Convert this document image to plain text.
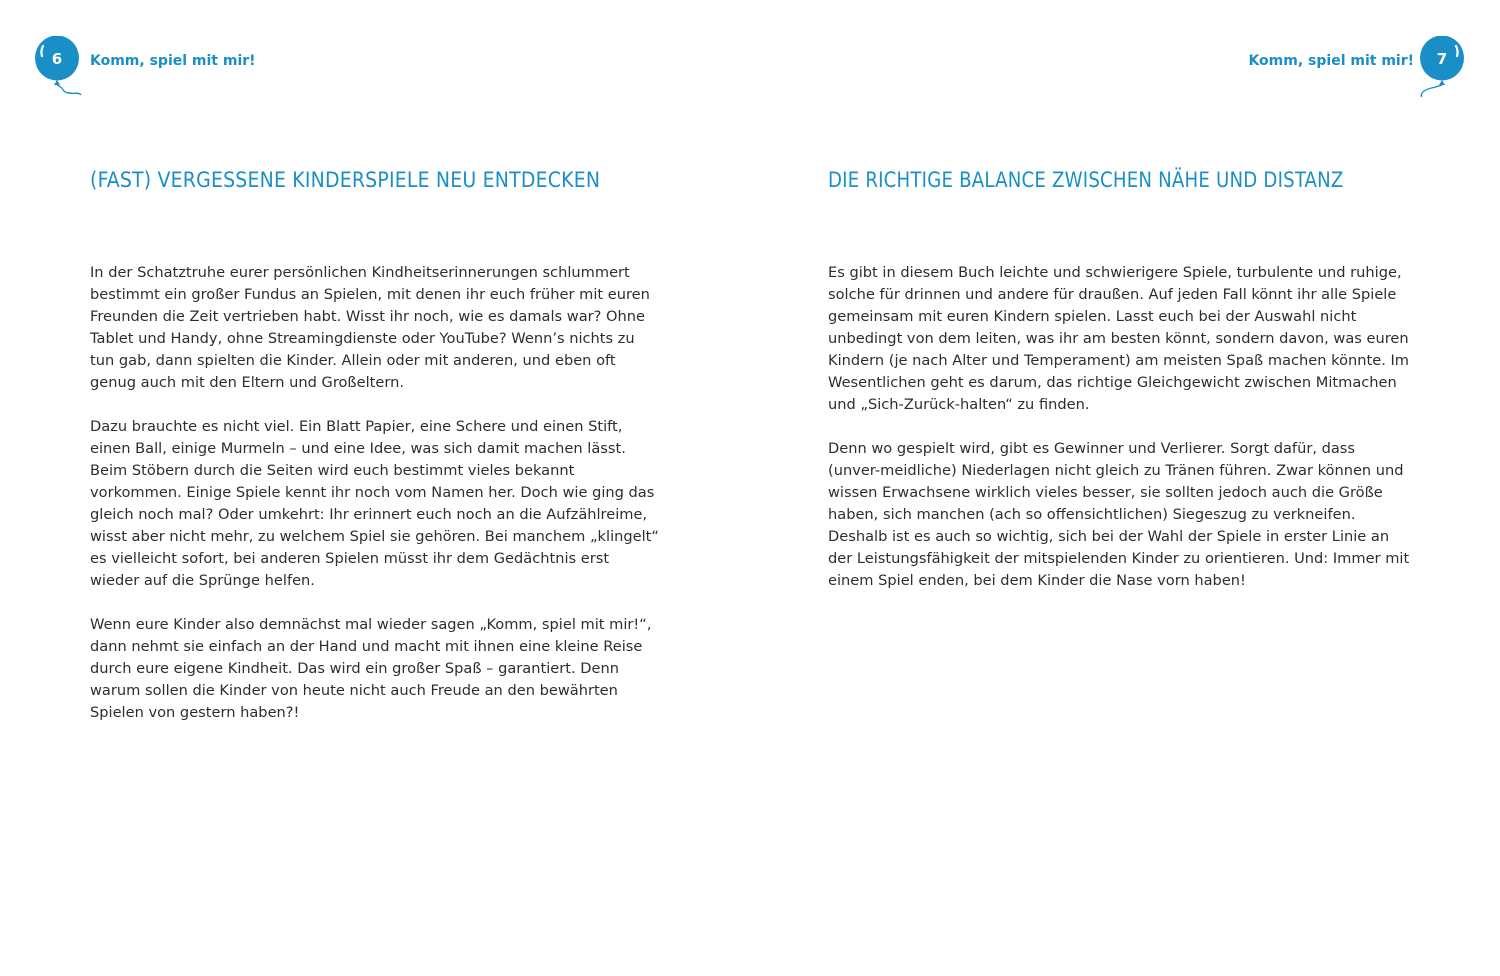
6	Komm, spiel mit mir!
(FAST) VERGESSENE KINDERSPIELE NEU ENTDECKEN

In der Schatztruhe eurer persönlichen Kindheitserinnerungen schlummert bestimmt ein großer Fundus an Spielen, mit denen ihr euch früher mit euren Freunden die Zeit vertrieben habt. Wisst ihr noch, wie es damals war? Ohne Tablet und Handy, ohne Streamingdienste oder YouTube? Wenn’s nichts zu tun gab, dann spielten die Kinder. Allein oder mit anderen, und eben oft genug auch mit den Eltern und Großeltern.

Dazu brauchte es nicht viel. Ein Blatt Papier, eine Schere und einen Stift, einen Ball, einige Murmeln – und eine Idee, was sich damit machen lässt. Beim Stöbern durch die Seiten wird euch bestimmt vieles bekannt vorkommen. Einige Spiele kennt ihr noch vom Namen her. Doch wie ging das gleich noch mal? Oder umkehrt: Ihr erinnert euch noch an die Aufzählreime, wisst aber nicht mehr, zu welchem Spiel sie gehören. Bei manchem „klingelt“ es vielleicht sofort, bei anderen Spielen müsst ihr dem Gedächtnis erst wieder auf die Sprünge helfen.

Wenn eure Kinder also demnächst mal wieder sagen „Komm, spiel mit mir!“, dann nehmt sie einfach an der Hand und macht mit ihnen eine kleine Reise durch eure eigene Kindheit. Das wird ein großer Spaß – garantiert. Denn warum sollen die Kinder von heute nicht auch Freude an den bewährten Spielen von gestern haben?!

Komm, spiel mit mir!	7
DIE RICHTIGE BALANCE ZWISCHEN NÄHE UND DISTANZ

Es gibt in diesem Buch leichte und schwierigere Spiele, turbulente und ruhige, solche für drinnen und andere für draußen. Auf jeden Fall könnt ihr alle Spiele gemeinsam mit euren Kindern spielen. Lasst euch bei der Auswahl nicht unbedingt von dem leiten, was ihr am besten könnt, sondern davon, was euren Kindern (je nach Alter und Temperament) am meisten Spaß machen könnte. Im Wesentlichen geht es darum, das richtige Gleichgewicht zwischen Mitmachen und „Sich-Zurück-halten“ zu finden.

Denn wo gespielt wird, gibt es Gewinner und Verlierer. Sorgt dafür, dass (unver-meidliche) Niederlagen nicht gleich zu Tränen führen. Zwar können und wissen Erwachsene wirklich vieles besser, sie sollten jedoch auch die Größe haben, sich manchen (ach so offensichtlichen) Siegeszug zu verkneifen. Deshalb ist es auch so wichtig, sich bei der Wahl der Spiele in erster Linie an der Leistungsfähigkeit der mitspielenden Kinder zu orientieren. Und: Immer mit einem Spiel enden, bei dem Kinder die Nase vorn haben!
